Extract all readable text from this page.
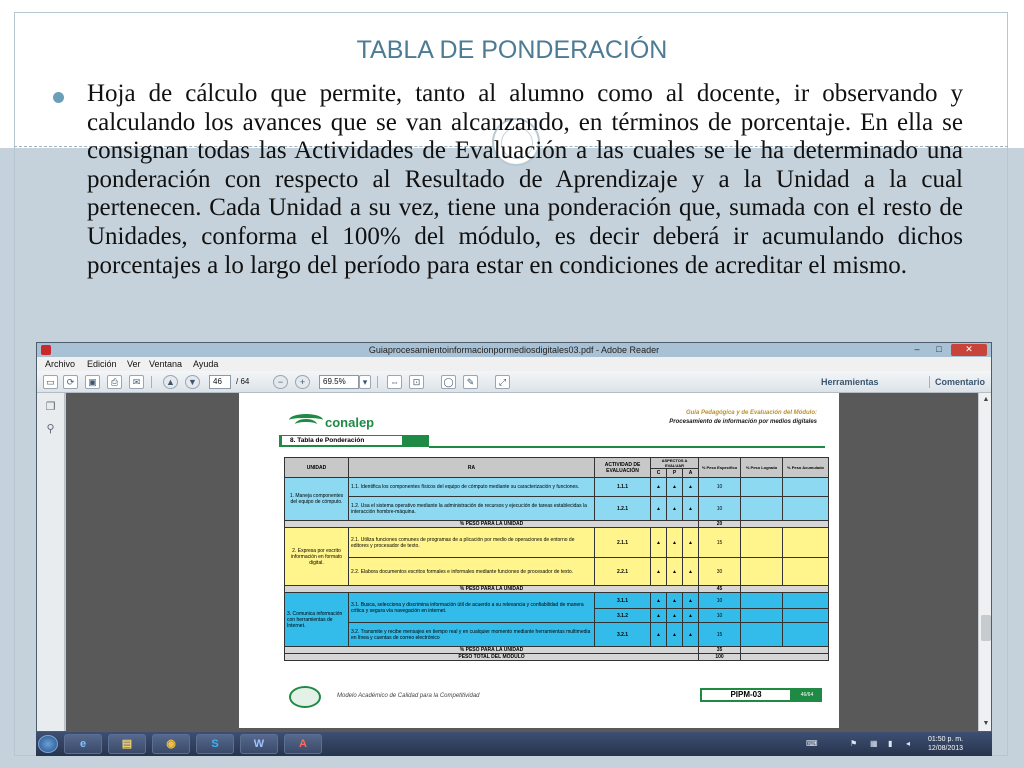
TABLA DE PONDERACIÓN
Hoja de cálculo que permite, tanto al alumno como al docente, ir observando y calculando los avances que se van alcanzando, en términos de porcentaje. En ella se consignan todas las Actividades de Evaluación a las cuales se le ha determinado una ponderación con respecto al Resultado de Aprendizaje y a la Unidad a la cual pertenecen. Cada Unidad a su vez, tiene una ponderación que, sumada con el resto de Unidades, conforma el 100% del módulo, es decir deberá ir acumulando dichos porcentajes a lo largo del período para estar en condiciones de acreditar el mismo.
Guiaprocesamientoinformacionpormediosdigitales03.pdf - Adobe Reader	–	□	✕
Archivo Edición Ver Ventana Ayuda
▭	⟳	▣	⎙	✉	▲	▼	46	/ 64	−	+	69.5%	▾	⇔	⊡	◯	✎	⤢	Herramientas	Comentario
❐
⚲	conalep
Guía Pedagógica y de Evaluación del Módulo:
Procesamiento de información por medios digitales
8. Tabla de Ponderación
UNIDAD	RA	ACTIVIDAD DE EVALUACIÓN	ASPECTOS A EVALUAR			% Peso Específico	% Peso Logrado	% Peso Acumulado
			C	P	A			
1. Maneja componentes del equipo de cómputo.	1.1. Identifica los componentes físicos del equipo de cómputo mediante su caracterización y funciones.	1.1.1	▲	▲	▲	10		
	1.2. Usa el sistema operativo mediante la administración de recursos y ejecución de tareas establecidas la interacción hombre-máquina.	1.2.1	▲	▲	▲	10		
% PESO PARA LA UNIDAD						20		
2. Expresa por escrito información en formato digital.	2.1. Utiliza funciones comunes de programas de a plicación por medio de operaciones de entorno de editores y procesador de texto.	2.1.1	▲	▲	▲	15		
	2.2. Elabora documentos escritos formales e informales mediante funciones de procesador de texto.	2.2.1	▲	▲	▲	30		
% PESO PARA LA UNIDAD						45		
3. Comunica información con herramientas de Internet.	3.1. Busca, selecciona y discrimina información útil de acuerdo a su relevancia y confiabilidad de manera crítica y segura vía navegación en internet.	3.1.1	▲	▲	▲	10		
		3.1.2	▲	▲	▲	10		
	3.2. Transmite y recibe mensajes en tiempo real y en cualquier momento mediante herramientas multimedia en línea y cuentas de correo electrónico	3.2.1	▲	▲	▲	15		
% PESO PARA LA UNIDAD						35		
PESO TOTAL DEL MÓDULO						100		
Modelo Académico de Calidad para la Competitividad	PIPM-03	46/64
▲
▼
e	▤	◉	S	W	A	⌨	⚑ ▦ ▮ ◂	01:50 p. m.
12/08/2013
